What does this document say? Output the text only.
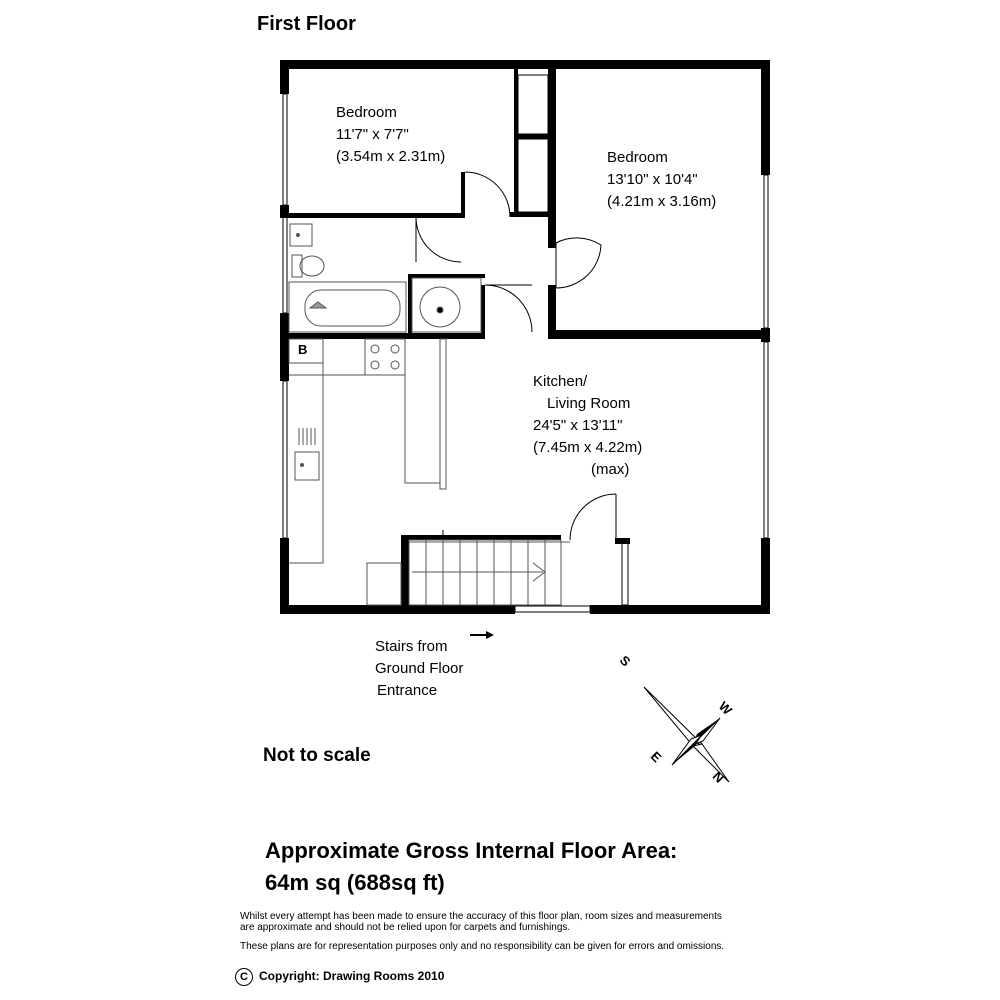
First Floor
Bedroom
11'7" x 7'7"
(3.54m x 2.31m)	Bedroom
13'10" x 10'4"
(4.21m x 3.16m)
Kitchen/
Living Room
24'5" x 13'11"
(7.45m x 4.22m)
(max)
B
Stairs from
Ground Floor
Entrance
S
W
E
N
Not to scale
Approximate Gross Internal Floor Area:
64m sq (688sq ft)
Whilst every attempt has been made to ensure the accuracy of this floor plan, room sizes and measurements
are approximate and should not be relied upon for carpets and furnishings.
These plans are for representation purposes only and no responsibility can be given for errors and omissions.
C Copyright: Drawing Rooms 2010
